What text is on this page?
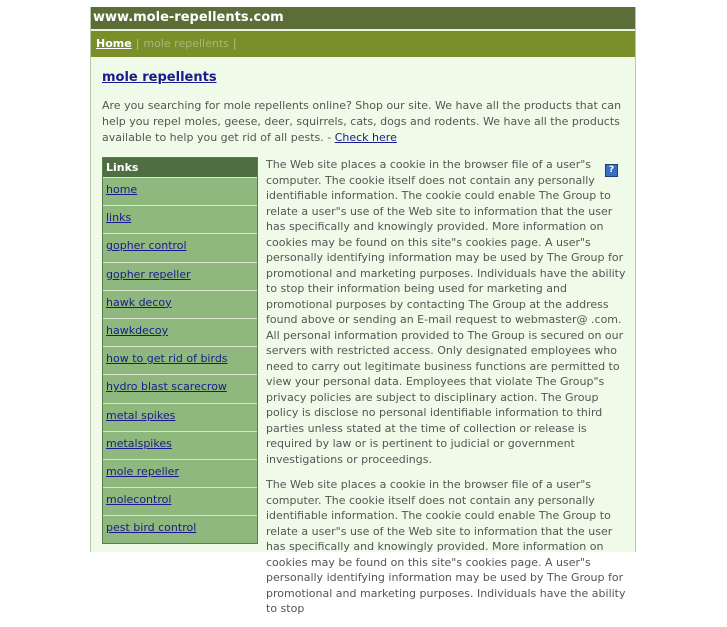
www.mole-repellents.com
Home | mole repellents |
mole repellents
Are you searching for mole repellents online? Shop our site. We have all the products that can help you repel moles, geese, deer, squirrels, cats, dogs and rodents. We have all the products available to help you get rid of all pests. - Check here
Links
home
links
gopher control
gopher repeller
hawk decoy
hawkdecoy
how to get rid of birds
hydro blast scarecrow
metal spikes
metalspikes
mole repeller
molecontrol
pest bird control

The Web site places a cookie in the browser file of a user"s computer. The cookie itself does not contain any personally identifiable information. The cookie could enable The Group to relate a user"s use of the Web site to information that the user has specifically and knowingly provided. More information on cookies may be found on this site"s cookies page. A user"s personally identifying information may be used by The Group for promotional and marketing purposes. Individuals have the ability to stop their information being used for marketing and promotional purposes by contacting The Group at the address found above or sending an E-mail request to webmaster@ .com. All personal information provided to The Group is secured on our servers with restricted access. Only designated employees who need to carry out legitimate business functions are permitted to view your personal data. Employees that violate The Group"s privacy policies are subject to disciplinary action. The Group policy is disclose no personal identifiable information to third parties unless stated at the time of collection or release is required by law or is pertinent to judicial or government investigations or proceedings.

The Web site places a cookie in the browser file of a user"s computer. The cookie itself does not contain any personally identifiable information. The cookie could enable The Group to relate a user"s use of the Web site to information that the user has specifically and knowingly provided. More information on cookies may be found on this site"s cookies page. A user"s personally identifying information may be used by The Group for promotional and marketing purposes. Individuals have the ability to stop

?
